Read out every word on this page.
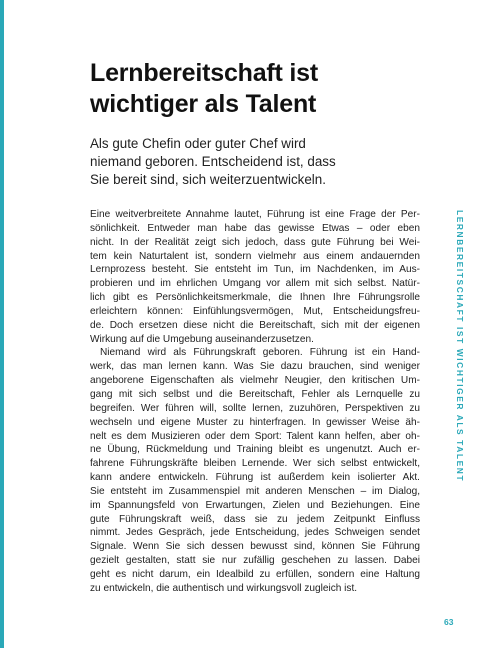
Lernbereitschaft ist
wichtiger als Talent

Als gute Chefin oder guter Chef wird
niemand geboren. Entscheidend ist, dass
Sie bereit sind, sich weiterzuentwickeln.

Eine weitverbreitete Annahme lautet, Führung ist eine Frage der Per-
sönlichkeit. Entweder man habe das gewisse Etwas – oder eben
nicht. In der Realität zeigt sich jedoch, dass gute Führung bei Wei-
tem kein Naturtalent ist, sondern vielmehr aus einem andauernden
Lernprozess besteht. Sie entsteht im Tun, im Nachdenken, im Aus-
probieren und im ehrlichen Umgang vor allem mit sich selbst. Natür-
lich gibt es Persönlichkeitsmerkmale, die Ihnen Ihre Führungsrolle
erleichtern können: Einfühlungsvermögen, Mut, Entscheidungsfreu-
de. Doch ersetzen diese nicht die Bereitschaft, sich mit der eigenen
Wirkung auf die Umgebung auseinanderzusetzen.
Niemand wird als Führungskraft geboren. Führung ist ein Hand-
werk, das man lernen kann. Was Sie dazu brauchen, sind weniger
angeborene Eigenschaften als vielmehr Neugier, den kritischen Um-
gang mit sich selbst und die Bereitschaft, Fehler als Lernquelle zu
begreifen. Wer führen will, sollte lernen, zuzuhören, Perspektiven zu
wechseln und eigene Muster zu hinterfragen. In gewisser Weise äh-
nelt es dem Musizieren oder dem Sport: Talent kann helfen, aber oh-
ne Übung, Rückmeldung und Training bleibt es ungenutzt. Auch er-
fahrene Führungskräfte bleiben Lernende. Wer sich selbst entwickelt,
kann andere entwickeln. Führung ist außerdem kein isolierter Akt.
Sie entsteht im Zusammenspiel mit anderen Menschen – im Dialog,
im Spannungsfeld von Erwartungen, Zielen und Beziehungen. Eine
gute Führungskraft weiß, dass sie zu jedem Zeitpunkt Einfluss
nimmt. Jedes Gespräch, jede Entscheidung, jedes Schweigen sendet
Signale. Wenn Sie sich dessen bewusst sind, können Sie Führung
gezielt gestalten, statt sie nur zufällig geschehen zu lassen. Dabei
geht es nicht darum, ein Idealbild zu erfüllen, sondern eine Haltung
zu entwickeln, die authentisch und wirkungsvoll zugleich ist.
LERNBEREITSCHAFT IST WICHTIGER ALS TALENT
63
